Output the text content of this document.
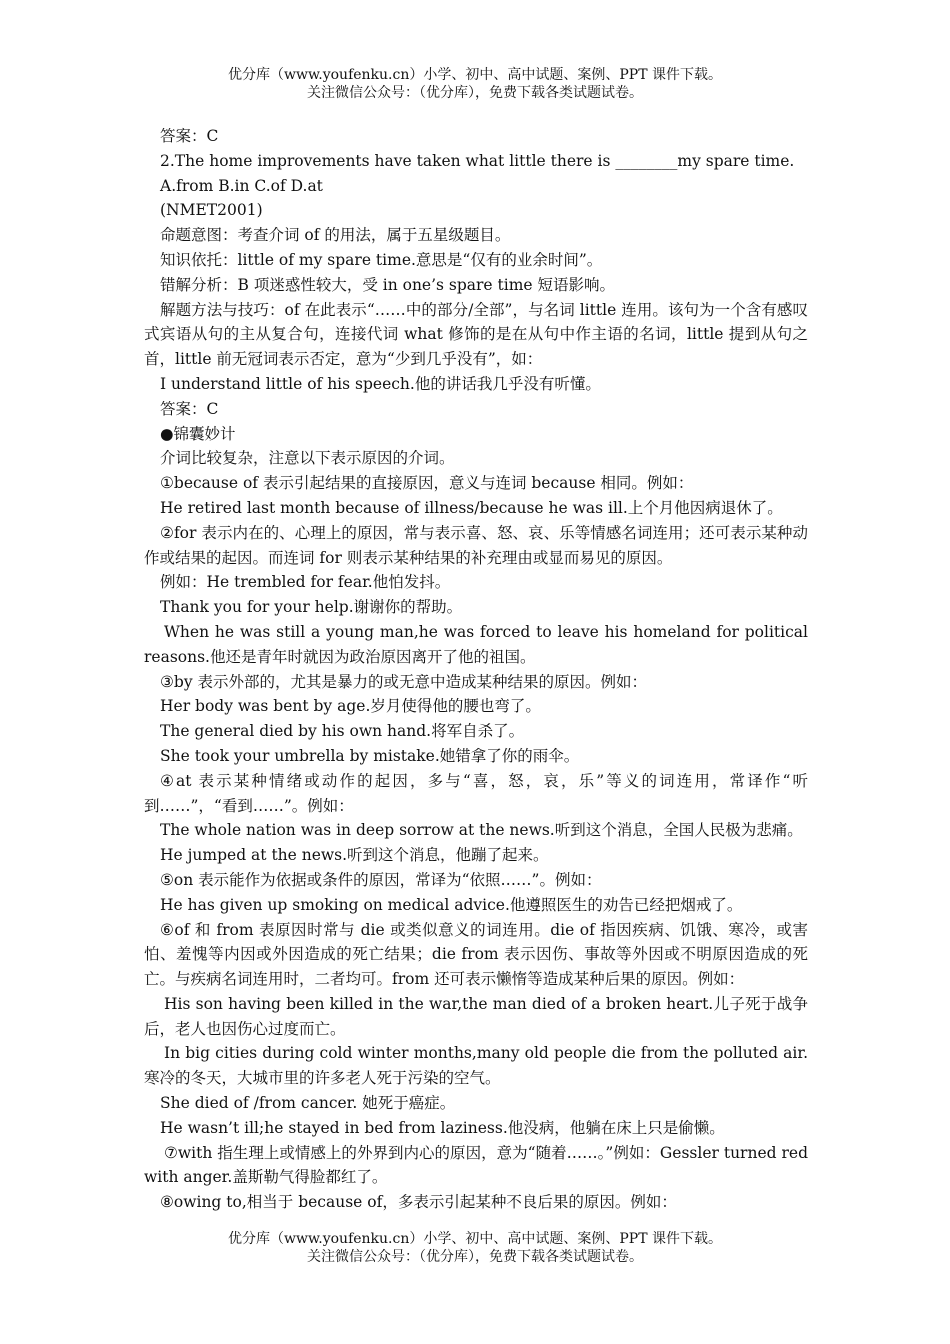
优分库（www.youfenku.cn）小学、初中、高中试题、案例、PPT 课件下载。
关注微信公众号：（优分库），免费下载各类试题试卷。

答案：C

2.The home improvements have taken what little there is ________my spare time.

A.from B.in C.of D.at

(NMET2001)

命题意图：考查介词 of 的用法，属于五星级题目。

知识依托：little of my spare time.意思是“仅有的业余时间”。

错解分析：B 项迷惑性较大，受 in one’s spare time 短语影响。

解题方法与技巧：of 在此表示“……中的部分/全部”，与名词 little 连用。该句为一个含有感叹式宾语从句的主从复合句，连接代词 what 修饰的是在从句中作主语的名词，little 提到从句之首，little 前无冠词表示否定，意为“少到几乎没有”，如：

I understand little of his speech.他的讲话我几乎没有听懂。

答案：C

●锦囊妙计

介词比较复杂，注意以下表示原因的介词。

①because of 表示引起结果的直接原因，意义与连词 because 相同。例如：

He retired last month because of illness/because he was ill.上个月他因病退休了。

②for 表示内在的、心理上的原因，常与表示喜、怒、哀、乐等情感名词连用；还可表示某种动作或结果的起因。而连词 for 则表示某种结果的补充理由或显而易见的原因。

例如：He trembled for fear.他怕发抖。

Thank you for your help.谢谢你的帮助。

When he was still a young man,he was forced to leave his homeland for political reasons.他还是青年时就因为政治原因离开了他的祖国。

③by 表示外部的，尤其是暴力的或无意中造成某种结果的原因。例如：

Her body was bent by age.岁月使得他的腰也弯了。

The general died by his own hand.将军自杀了。

She took your umbrella by mistake.她错拿了你的雨伞。

④at 表示某种情绪或动作的起因，多与“喜，怒，哀，乐”等义的词连用，常译作“听到……”，“看到……”。例如：

The whole nation was in deep sorrow at the news.听到这个消息，全国人民极为悲痛。

He jumped at the news.听到这个消息，他蹦了起来。

⑤on 表示能作为依据或条件的原因，常译为“依照……”。例如：

He has given up smoking on medical advice.他遵照医生的劝告已经把烟戒了。

⑥of 和 from 表原因时常与 die 或类似意义的词连用。die of 指因疾病、饥饿、寒冷，或害怕、羞愧等内因或外因造成的死亡结果；die from 表示因伤、事故等外因或不明原因造成的死亡。与疾病名词连用时，二者均可。from 还可表示懒惰等造成某种后果的原因。例如：

His son having been killed in the war,the man died of a broken heart.儿子死于战争后，老人也因伤心过度而亡。

In big cities during cold winter months,many old people die from the polluted air.寒冷的冬天，大城市里的许多老人死于污染的空气。

She died of /from cancer. 她死于癌症。

He wasn’t ill;he stayed in bed from laziness.他没病，他躺在床上只是偷懒。

⑦with 指生理上或情感上的外界到内心的原因，意为“随着……。”例如：Gessler turned red with anger.盖斯勒气得脸都红了。

⑧owing to,相当于 because of，多表示引起某种不良后果的原因。例如：

优分库（www.youfenku.cn）小学、初中、高中试题、案例、PPT 课件下载。
关注微信公众号：（优分库），免费下载各类试题试卷。
